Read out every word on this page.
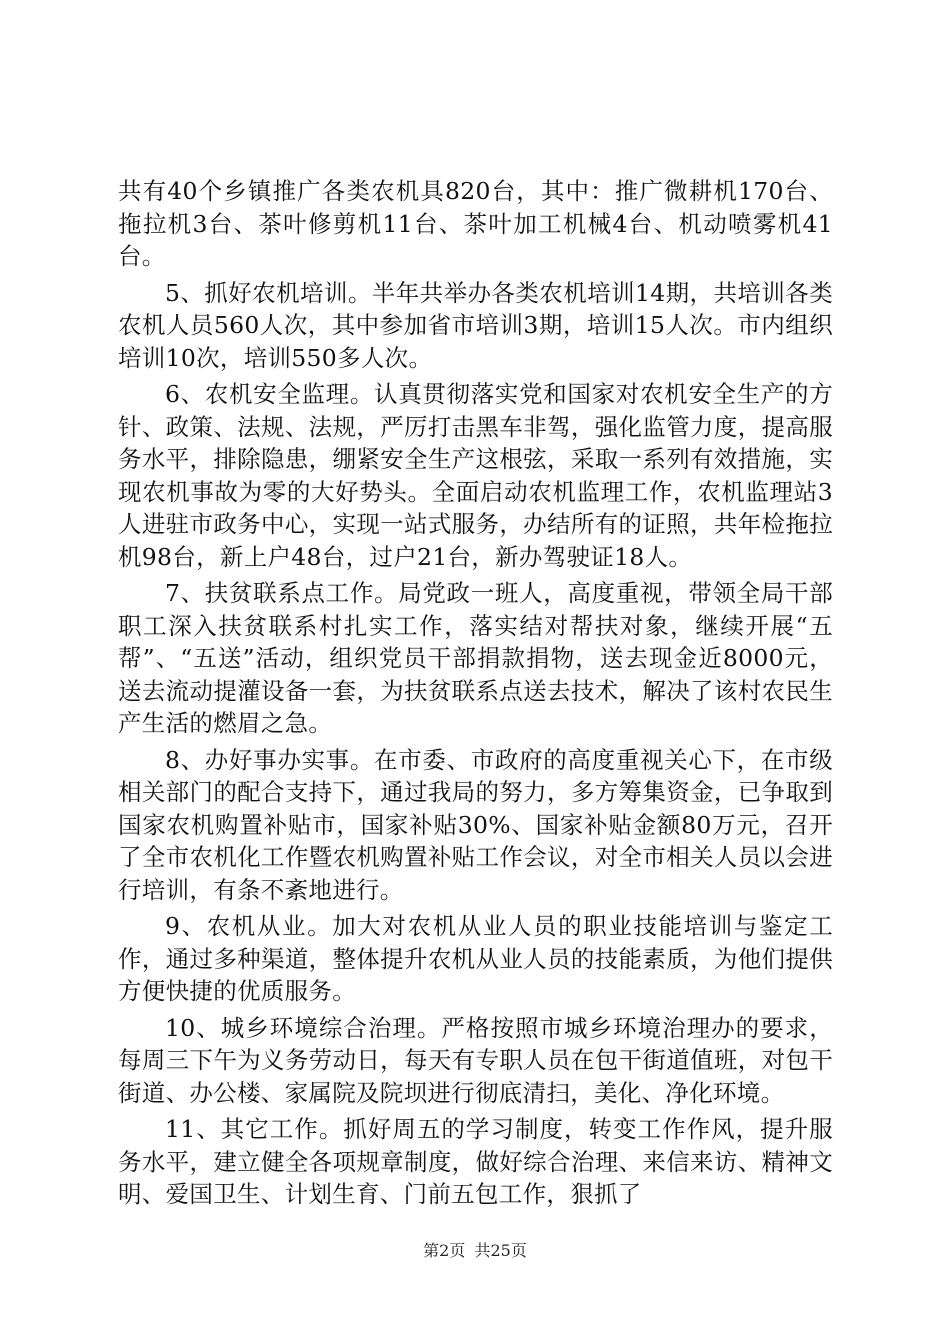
共有40个乡镇推广各类农机具820台，其中：推广微耕机170台、拖拉机3台、茶叶修剪机11台、茶叶加工机械4台、机动喷雾机41台。

5、抓好农机培训。半年共举办各类农机培训14期，共培训各类农机人员560人次，其中参加省市培训3期，培训15人次。市内组织培训10次，培训550多人次。

6、农机安全监理。认真贯彻落实党和国家对农机安全生产的方针、政策、法规、法规，严厉打击黑车非驾，强化监管力度，提高服务水平，排除隐患，绷紧安全生产这根弦，采取一系列有效措施，实现农机事故为零的大好势头。全面启动农机监理工作，农机监理站3人进驻市政务中心，实现一站式服务，办结所有的证照，共年检拖拉机98台，新上户48台，过户21台，新办驾驶证18人。

7、扶贫联系点工作。局党政一班人，高度重视，带领全局干部职工深入扶贫联系村扎实工作，落实结对帮扶对象，继续开展“五帮”、“五送”活动，组织党员干部捐款捐物，送去现金近8000元，送去流动提灌设备一套，为扶贫联系点送去技术，解决了该村农民生产生活的燃眉之急。

8、办好事办实事。在市委、市政府的高度重视关心下，在市级相关部门的配合支持下，通过我局的努力，多方筹集资金，已争取到国家农机购置补贴市，国家补贴30%、国家补贴金额80万元，召开了全市农机化工作暨农机购置补贴工作会议，对全市相关人员以会进行培训，有条不紊地进行。

9、农机从业。加大对农机从业人员的职业技能培训与鉴定工作，通过多种渠道，整体提升农机从业人员的技能素质，为他们提供方便快捷的优质服务。

10、城乡环境综合治理。严格按照市城乡环境治理办的要求，每周三下午为义务劳动日，每天有专职人员在包干街道值班，对包干街道、办公楼、家属院及院坝进行彻底清扫，美化、净化环境。

11、其它工作。抓好周五的学习制度，转变工作作风，提升服务水平，建立健全各项规章制度，做好综合治理、来信来访、精神文明、爱国卫生、计划生育、门前五包工作，狠抓了

第2页 共25页
